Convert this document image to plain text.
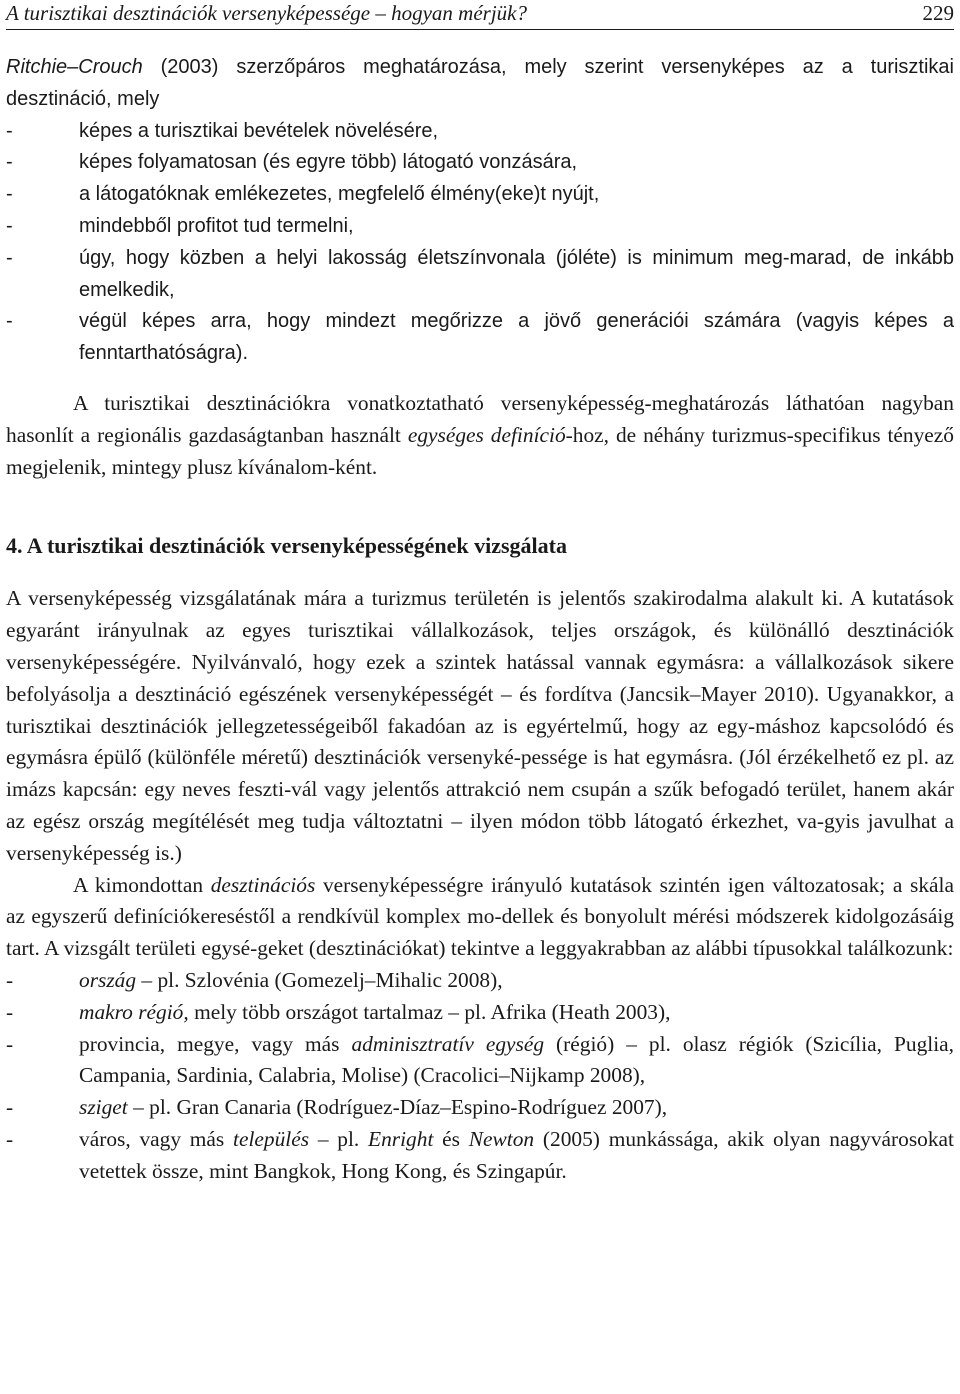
A turisztikai desztinációk versenyképessége – hogyan mérjük?	229

Ritchie–Crouch (2003) szerzőpáros meghatározása, mely szerint versenyképes az a turisztikai desztináció, mely

-	képes a turisztikai bevételek növelésére,
-	képes folyamatosan (és egyre több) látogató vonzására,
-	a látogatóknak emlékezetes, megfelelő élmény(eke)t nyújt,
-	mindebből profitot tud termelni,
-	úgy, hogy közben a helyi lakosság életszínvonala (jóléte) is minimum meg-marad, de inkább emelkedik,
-	végül képes arra, hogy mindezt megőrizze a jövő generációi számára (vagyis képes a fenntarthatóságra).

A turisztikai desztinációkra vonatkoztatható versenyképesség-meghatározás láthatóan nagyban hasonlít a regionális gazdaságtanban használt egységes definíció-hoz, de néhány turizmus-specifikus tényező megjelenik, mintegy plusz kívánalom-ként.

4. A turisztikai desztinációk versenyképességének vizsgálata

A versenyképesség vizsgálatának mára a turizmus területén is jelentős szakirodalma alakult ki. A kutatások egyaránt irányulnak az egyes turisztikai vállalkozások, teljes országok, és különálló desztinációk versenyképességére. Nyilvánvaló, hogy ezek a szintek hatással vannak egymásra: a vállalkozások sikere befolyásolja a desztináció egészének versenyképességét – és fordítva (Jancsik–Mayer 2010). Ugyanakkor, a turisztikai desztinációk jellegzetességeiből fakadóan az is egyértelmű, hogy az egy-máshoz kapcsolódó és egymásra épülő (különféle méretű) desztinációk versenyké-pessége is hat egymásra. (Jól érzékelhető ez pl. az imázs kapcsán: egy neves feszti-vál vagy jelentős attrakció nem csupán a szűk befogadó terület, hanem akár az egész ország megítélését meg tudja változtatni – ilyen módon több látogató érkezhet, va-gyis javulhat a versenyképesség is.)

A kimondottan desztinációs versenyképességre irányuló kutatások szintén igen változatosak; a skála az egyszerű definíciókereséstől a rendkívül komplex mo-dellek és bonyolult mérési módszerek kidolgozásáig tart. A vizsgált területi egysé-geket (desztinációkat) tekintve a leggyakrabban az alábbi típusokkal találkozunk:

-	ország – pl. Szlovénia (Gomezelj–Mihalic 2008),
-	makro régió, mely több országot tartalmaz – pl. Afrika (Heath 2003),
-	provincia, megye, vagy más adminisztratív egység (régió) – pl. olasz régiók (Szicília, Puglia, Campania, Sardinia, Calabria, Molise) (Cracolici–Nijkamp 2008),
-	sziget – pl. Gran Canaria (Rodríguez-Díaz–Espino-Rodríguez 2007),
-	város, vagy más település – pl. Enright és Newton (2005) munkássága, akik olyan nagyvárosokat vetettek össze, mint Bangkok, Hong Kong, és Szingapúr.
